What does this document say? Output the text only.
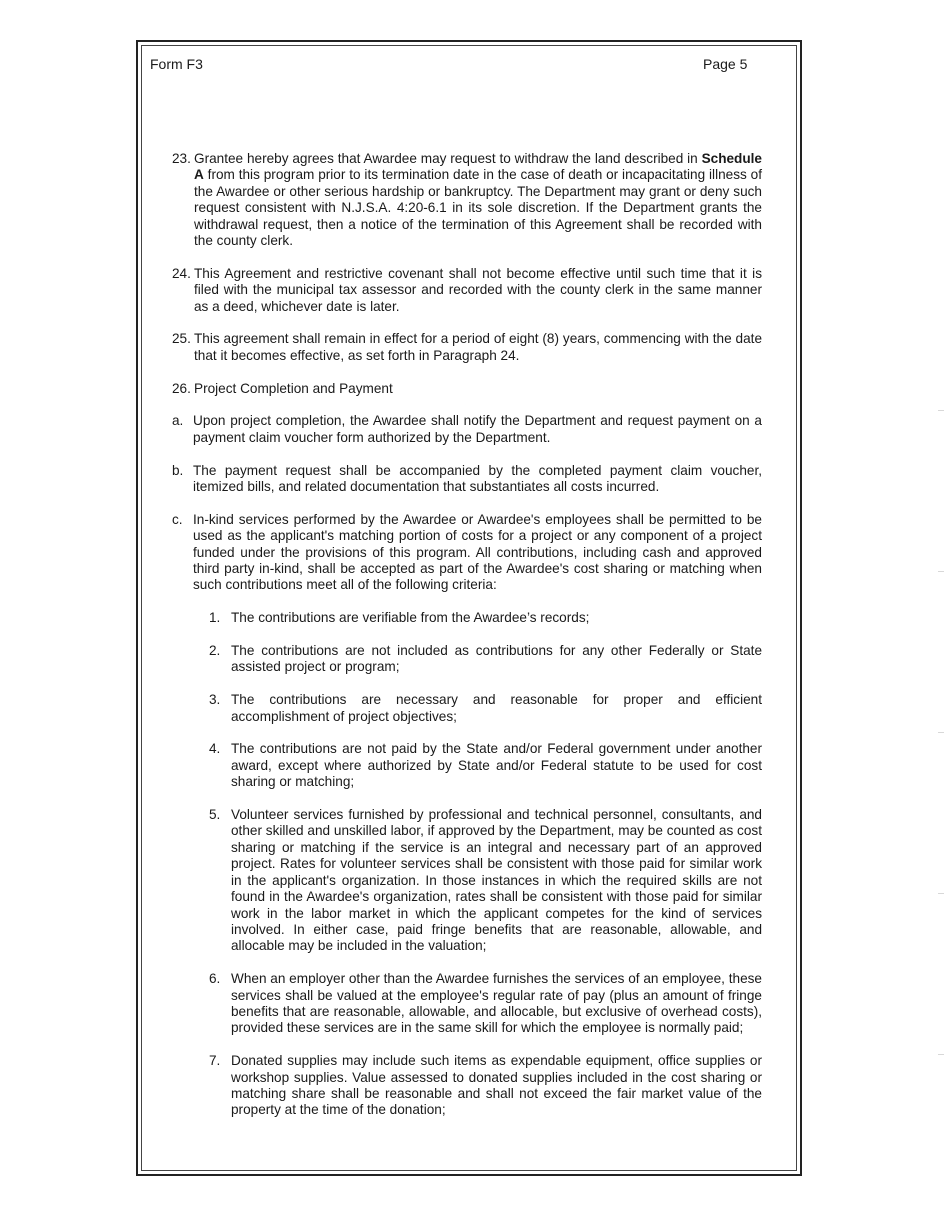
Form F3	Page 5
23. Grantee hereby agrees that Awardee may request to withdraw the land described in Schedule A from this program prior to its termination date in the case of death or incapacitating illness of the Awardee or other serious hardship or bankruptcy. The Department may grant or deny such request consistent with N.J.S.A. 4:20-6.1 in its sole discretion. If the Department grants the withdrawal request, then a notice of the termination of this Agreement shall be recorded with the county clerk.
24. This Agreement and restrictive covenant shall not become effective until such time that it is filed with the municipal tax assessor and recorded with the county clerk in the same manner as a deed, whichever date is later.
25. This agreement shall remain in effect for a period of eight (8) years, commencing with the date that it becomes effective, as set forth in Paragraph 24.
26. Project Completion and Payment
a. Upon project completion, the Awardee shall notify the Department and request payment on a payment claim voucher form authorized by the Department.
b. The payment request shall be accompanied by the completed payment claim voucher, itemized bills, and related documentation that substantiates all costs incurred.
c. In-kind services performed by the Awardee or Awardee's employees shall be permitted to be used as the applicant's matching portion of costs for a project or any component of a project funded under the provisions of this program. All contributions, including cash and approved third party in-kind, shall be accepted as part of the Awardee's cost sharing or matching when such contributions meet all of the following criteria:
1. The contributions are verifiable from the Awardee’s records;
2. The contributions are not included as contributions for any other Federally or State assisted project or program;
3. The contributions are necessary and reasonable for proper and efficient accomplishment of project objectives;
4. The contributions are not paid by the State and/or Federal government under another award, except where authorized by State and/or Federal statute to be used for cost sharing or matching;
5. Volunteer services furnished by professional and technical personnel, consultants, and other skilled and unskilled labor, if approved by the Department, may be counted as cost sharing or matching if the service is an integral and necessary part of an approved project. Rates for volunteer services shall be consistent with those paid for similar work in the applicant's organization. In those instances in which the required skills are not found in the Awardee's organization, rates shall be consistent with those paid for similar work in the labor market in which the applicant competes for the kind of services involved. In either case, paid fringe benefits that are reasonable, allowable, and allocable may be included in the valuation;
6. When an employer other than the Awardee furnishes the services of an employee, these services shall be valued at the employee's regular rate of pay (plus an amount of fringe benefits that are reasonable, allowable, and allocable, but exclusive of overhead costs), provided these services are in the same skill for which the employee is normally paid;
7. Donated supplies may include such items as expendable equipment, office supplies or workshop supplies. Value assessed to donated supplies included in the cost sharing or matching share shall be reasonable and shall not exceed the fair market value of the property at the time of the donation;
